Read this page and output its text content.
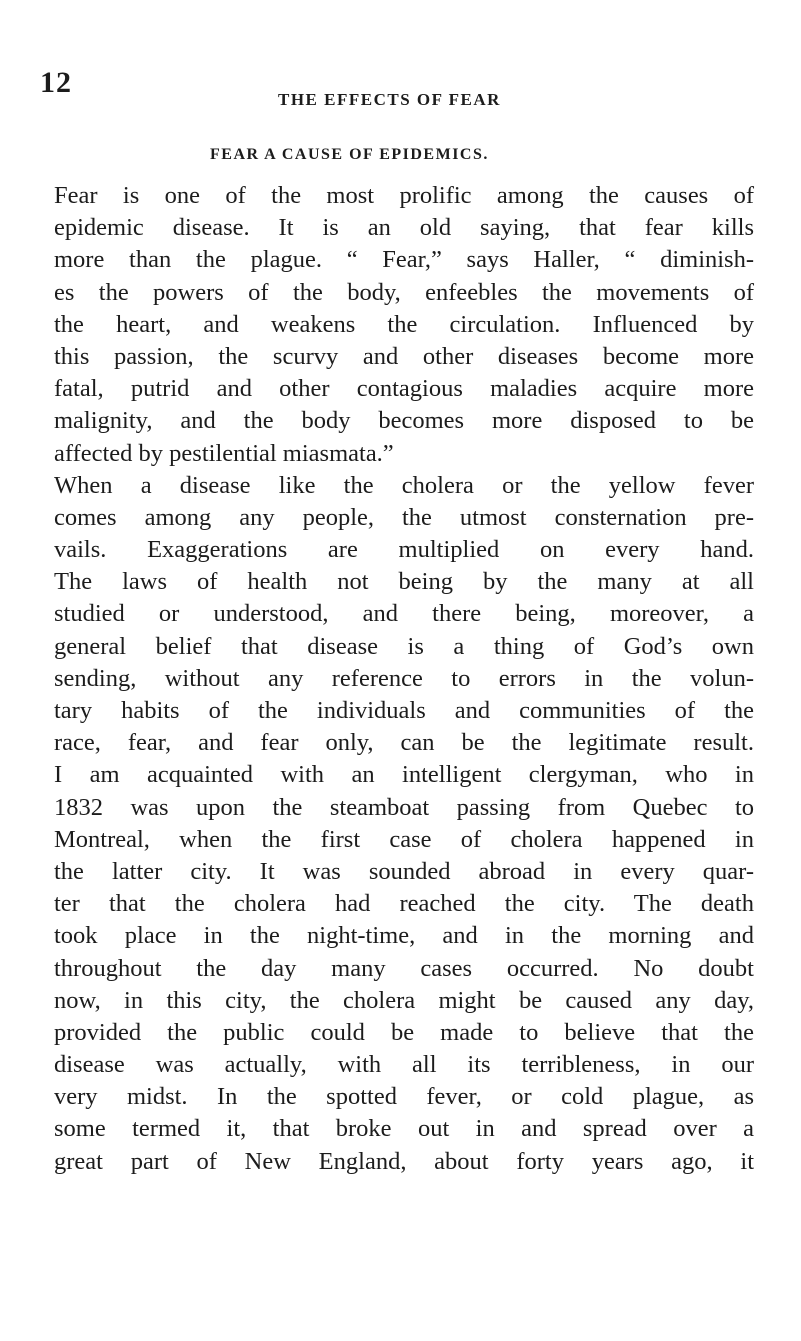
12
THE EFFECTS OF FEAR
FEAR A CAUSE OF EPIDEMICS.
Fear is one of the most prolific among the causes of
epidemic disease. It is an old saying, that fear kills
more than the plague. “ Fear,” says Haller, “ diminish-
es the powers of the body, enfeebles the movements of
the heart, and weakens the circulation. Influenced by
this passion, the scurvy and other diseases become more
fatal, putrid and other contagious maladies acquire more
malignity, and the body becomes more disposed to be
affected by pestilential miasmata.”
When a disease like the cholera or the yellow fever
comes among any people, the utmost consternation pre-
vails. Exaggerations are multiplied on every hand.
The laws of health not being by the many at all
studied or understood, and there being, moreover, a
general belief that disease is a thing of God’s own
sending, without any reference to errors in the volun-
tary habits of the individuals and communities of the
race, fear, and fear only, can be the legitimate result.
I am acquainted with an intelligent clergyman, who in
1832 was upon the steamboat passing from Quebec to
Montreal, when the first case of cholera happened in
the latter city. It was sounded abroad in every quar-
ter that the cholera had reached the city. The death
took place in the night-time, and in the morning and
throughout the day many cases occurred. No doubt
now, in this city, the cholera might be caused any day,
provided the public could be made to believe that the
disease was actually, with all its terribleness, in our
very midst. In the spotted fever, or cold plague, as
some termed it, that broke out in and spread over a
great part of New England, about forty years ago, it
